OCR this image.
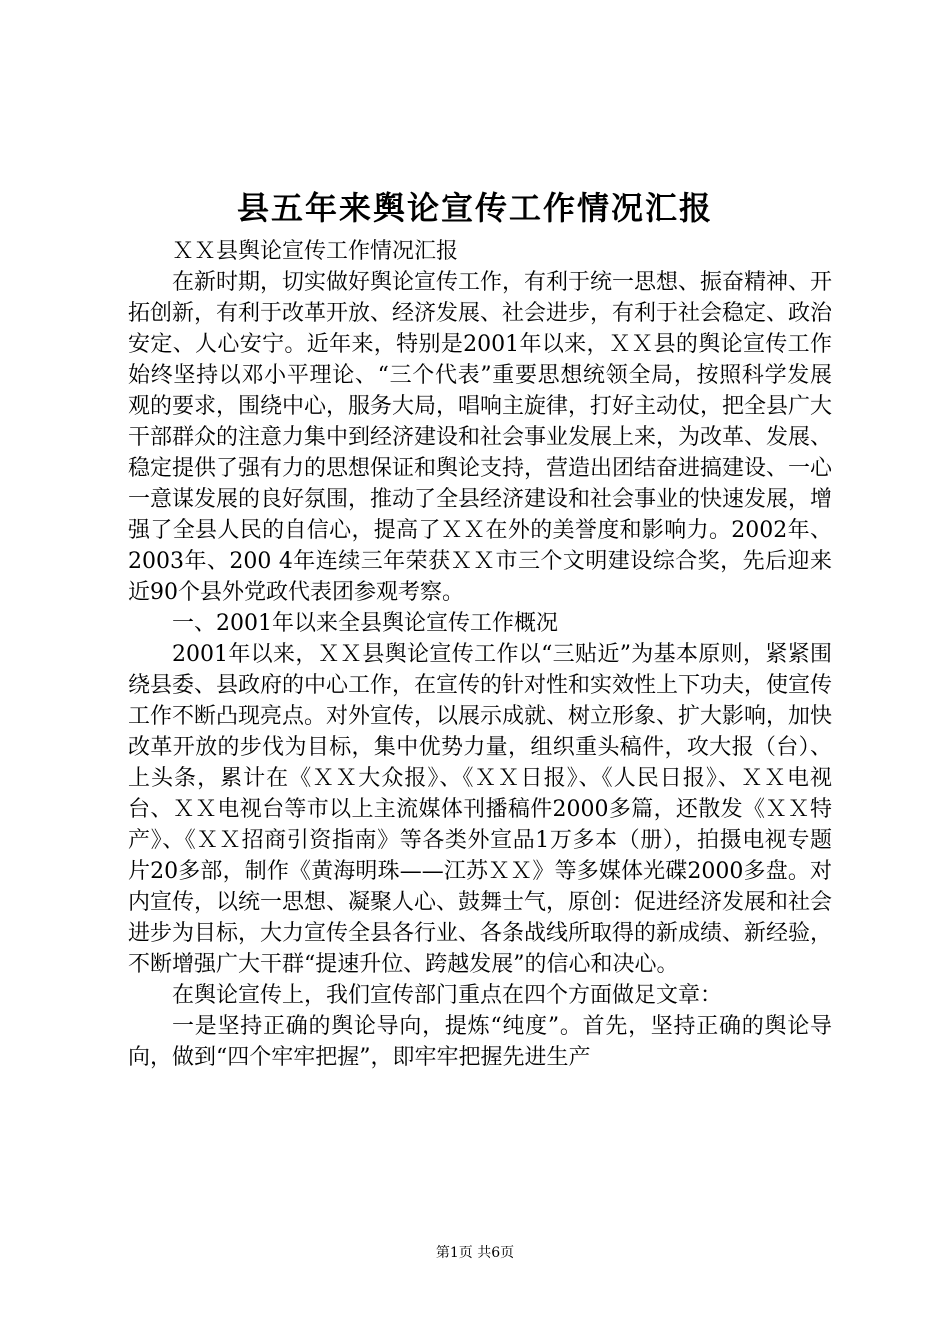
县五年来舆论宣传工作情况汇报

ＸＸ县舆论宣传工作情况汇报

在新时期，切实做好舆论宣传工作，有利于统一思想、振奋精神、开拓创新，有利于改革开放、经济发展、社会进步，有利于社会稳定、政治安定、人心安宁。近年来，特别是2001年以来，ＸＸ县的舆论宣传工作始终坚持以邓小平理论、“三个代表”重要思想统领全局，按照科学发展观的要求，围绕中心，服务大局，唱响主旋律，打好主动仗，把全县广大干部群众的注意力集中到经济建设和社会事业发展上来，为改革、发展、稳定提供了强有力的思想保证和舆论支持，营造出团结奋进搞建设、一心一意谋发展的良好氛围，推动了全县经济建设和社会事业的快速发展，增强了全县人民的自信心，提高了ＸＸ在外的美誉度和影响力。2002年、2003年、200 4年连续三年荣获ＸＸ市三个文明建设综合奖，先后迎来近90个县外党政代表团参观考察。

一、2001年以来全县舆论宣传工作概况

2001年以来，ＸＸ县舆论宣传工作以“三贴近”为基本原则，紧紧围绕县委、县政府的中心工作，在宣传的针对性和实效性上下功夫，使宣传工作不断凸现亮点。对外宣传，以展示成就、树立形象、扩大影响，加快改革开放的步伐为目标，集中优势力量，组织重头稿件，攻大报（台）、上头条，累计在《ＸＸ大众报》、《ＸＸ日报》、《人民日报》、ＸＸ电视台、ＸＸ电视台等市以上主流媒体刊播稿件2000多篇，还散发《ＸＸ特产》、《ＸＸ招商引资指南》等各类外宣品1万多本（册），拍摄电视专题片20多部，制作《黄海明珠——江苏ＸＸ》等多媒体光碟2000多盘。对内宣传，以统一思想、凝聚人心、鼓舞士气，原创：促进经济发展和社会进步为目标，大力宣传全县各行业、各条战线所取得的新成绩、新经验，不断增强广大干群“提速升位、跨越发展”的信心和决心。

在舆论宣传上，我们宣传部门重点在四个方面做足文章：

一是坚持正确的舆论导向，提炼“纯度”。首先，坚持正确的舆论导向，做到“四个牢牢把握”，即牢牢把握先进生产

第1页 共6页
